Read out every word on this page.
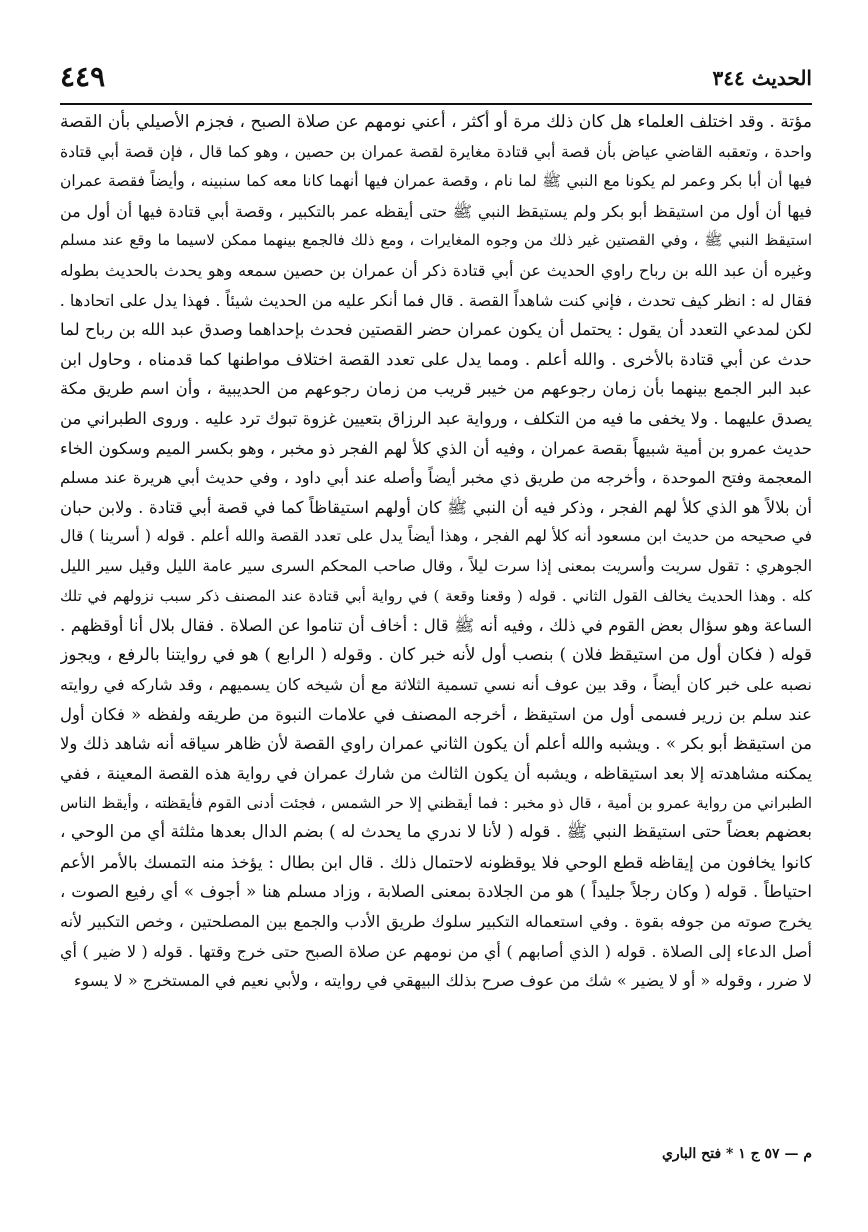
الحديث ٣٤٤
٤٤٩
مؤتة . وقد اختلف العلماء هل كان ذلك مرة أو أكثر ، أعني نومهم عن صلاة الصبح ، فجزم الأصيلي بأن القصة
واحدة ، وتعقبه القاضي عياض بأن قصة أبي قتادة مغايرة لقصة عمران بن حصين ، وهو كما قال ، فإن قصة أبي قتادة
فيها أن أبا بكر وعمر لم يكونا مع النبي ﷺ لما نام ، وقصة عمران فيها أنهما كانا معه كما سنبينه ، وأيضاً فقصة عمران
فيها أن أول من استيقظ أبو بكر ولم يستيقظ النبي ﷺ حتى أيقظه عمر بالتكبير ، وقصة أبي قتادة فيها أن أول من
استيقظ النبي ﷺ ، وفي القصتين غير ذلك من وجوه المغايرات ، ومع ذلك فالجمع بينهما ممكن لاسيما ما وقع عند مسلم
وغيره أن عبد الله بن رباح راوي الحديث عن أبي قتادة ذكر أن عمران بن حصين سمعه وهو يحدث بالحديث بطوله
فقال له : انظر كيف تحدث ، فإني كنت شاهداً القصة . قال فما أنكر عليه من الحديث شيئاً . فهذا يدل على اتحادها .
لكن لمدعي التعدد أن يقول : يحتمل أن يكون عمران حضر القصتين فحدث بإحداهما وصدق عبد الله بن رباح لما
حدث عن أبي قتادة بالأخرى . والله أعلم . ومما يدل على تعدد القصة اختلاف مواطنها كما قدمناه ، وحاول ابن
عبد البر الجمع بينهما بأن زمان رجوعهم من خيبر قريب من زمان رجوعهم من الحديبية ، وأن اسم طريق مكة
يصدق عليهما . ولا يخفى ما فيه من التكلف ، ورواية عبد الرزاق بتعيين غزوة تبوك ترد عليه . وروى الطبراني من
حديث عمرو بن أمية شبيهاً بقصة عمران ، وفيه أن الذي كلأ لهم الفجر ذو مخبر ، وهو بكسر الميم وسكون الخاء
المعجمة وفتح الموحدة ، وأخرجه من طريق ذي مخبر أيضاً وأصله عند أبي داود ، وفي حديث أبي هريرة عند مسلم
أن بلالاً هو الذي كلأ لهم الفجر ، وذكر فيه أن النبي ﷺ كان أولهم استيقاظاً كما في قصة أبي قتادة . ولابن حبان
في صحيحه من حديث ابن مسعود أنه كلأ لهم الفجر ، وهذا أيضاً يدل على تعدد القصة والله أعلم . قوله ( أسرينا ) قال
الجوهري : تقول سريت وأسريت بمعنى إذا سرت ليلاً ، وقال صاحب المحكم السرى سير عامة الليل وقيل سير الليل
كله . وهذا الحديث يخالف القول الثاني . قوله ( وقعنا وقعة ) في رواية أبي قتادة عند المصنف ذكر سبب نزولهم في تلك
الساعة وهو سؤال بعض القوم في ذلك ، وفيه أنه ﷺ قال : أخاف أن تناموا عن الصلاة . فقال بلال أنا أوقظهم .
قوله ( فكان أول من استيقظ فلان ) بنصب أول لأنه خبر كان . وقوله ( الرابع ) هو في روايتنا بالرفع ، ويجوز
نصبه على خبر كان أيضاً ، وقد بين عوف أنه نسي تسمية الثلاثة مع أن شيخه كان يسميهم ، وقد شاركه في روايته
عند سلم بن زرير فسمى أول من استيقظ ، أخرجه المصنف في علامات النبوة من طريقه ولفظه « فكان أول
من استيقظ أبو بكر » . ويشبه والله أعلم أن يكون الثاني عمران راوي القصة لأن ظاهر سياقه أنه شاهد ذلك ولا
يمكنه مشاهدته إلا بعد استيقاظه ، ويشبه أن يكون الثالث من شارك عمران في رواية هذه القصة المعينة ، ففي
الطبراني من رواية عمرو بن أمية ، قال ذو مخبر : فما أيقظني إلا حر الشمس ، فجئت أدنى القوم فأيقظته ، وأيقظ الناس
بعضهم بعضاً حتى استيقظ النبي ﷺ . قوله ( لأنا لا ندري ما يحدث له ) بضم الدال بعدها مثلثة أي من الوحي ،
كانوا يخافون من إيقاظه قطع الوحي فلا يوقظونه لاحتمال ذلك . قال ابن بطال : يؤخذ منه التمسك بالأمر الأعم
احتياطاً . قوله ( وكان رجلاً جليداً ) هو من الجلادة بمعنى الصلابة ، وزاد مسلم هنا « أجوف » أي رفيع الصوت ،
يخرج صوته من جوفه بقوة . وفي استعماله التكبير سلوك طريق الأدب والجمع بين المصلحتين ، وخص التكبير لأنه
أصل الدعاء إلى الصلاة . قوله ( الذي أصابهم ) أي من نومهم عن صلاة الصبح حتى خرج وقتها . قوله ( لا ضير ) أي
لا ضرر ، وقوله « أو لا يضير » شك من عوف صرح بذلك البيهقي في روايته ، ولأبي نعيم في المستخرج « لا يسوء
م — ٥٧ ج ١ * فتح الباري
